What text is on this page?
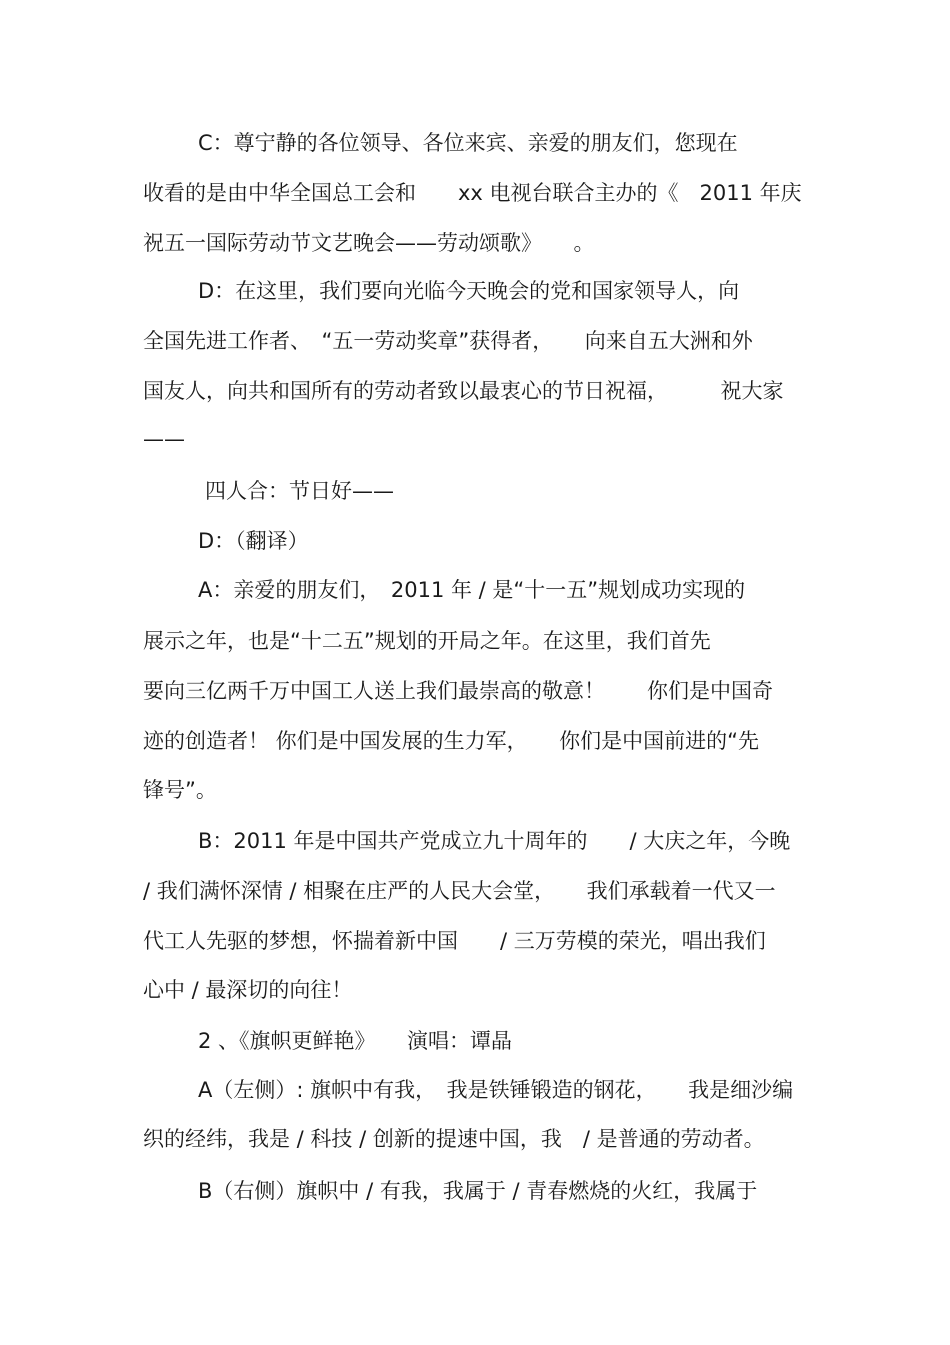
C：尊宁静的各位领导、各位来宾、亲爱的朋友们，您现在

收看的是由中华全国总工会和　　xx 电视台联合主办的《　2011 年庆

祝五一国际劳动节文艺晚会——劳动颂歌》　　。

D：在这里，我们要向光临今天晚会的党和国家领导人，向

全国先进工作者、　“五一劳动奖章”获得者，　　向来自五大洲和外

国友人，向共和国所有的劳动者致以最衷心的节日祝福，　　　祝大家

——

四人合：节日好——

D：（翻译）

A：亲爱的朋友们，　2011 年 / 是“十一五”规划成功实现的

展示之年，也是“十二五”规划的开局之年。在这里，我们首先

要向三亿两千万中国工人送上我们最崇高的敬意！　　你们是中国奇

迹的创造者！ 你们是中国发展的生力军，　　你们是中国前进的“先

锋号”。

B：2011 年是中国共产党成立九十周年的　　/ 大庆之年，今晚

/ 我们满怀深情 / 相聚在庄严的人民大会堂，　　我们承载着一代又一

代工人先驱的梦想，怀揣着新中国　　/ 三万劳模的荣光，唱出我们

心中 / 最深切的向往！

2 、《旗帜更鲜艳》　　演唱：谭晶

A（左侧）: 旗帜中有我，　我是铁锤锻造的钢花，　　我是细沙编

织的经纬，我是 / 科技 / 创新的提速中国，我　/ 是普通的劳动者。

B（右侧）旗帜中 / 有我，我属于 / 青春燃烧的火红，我属于
